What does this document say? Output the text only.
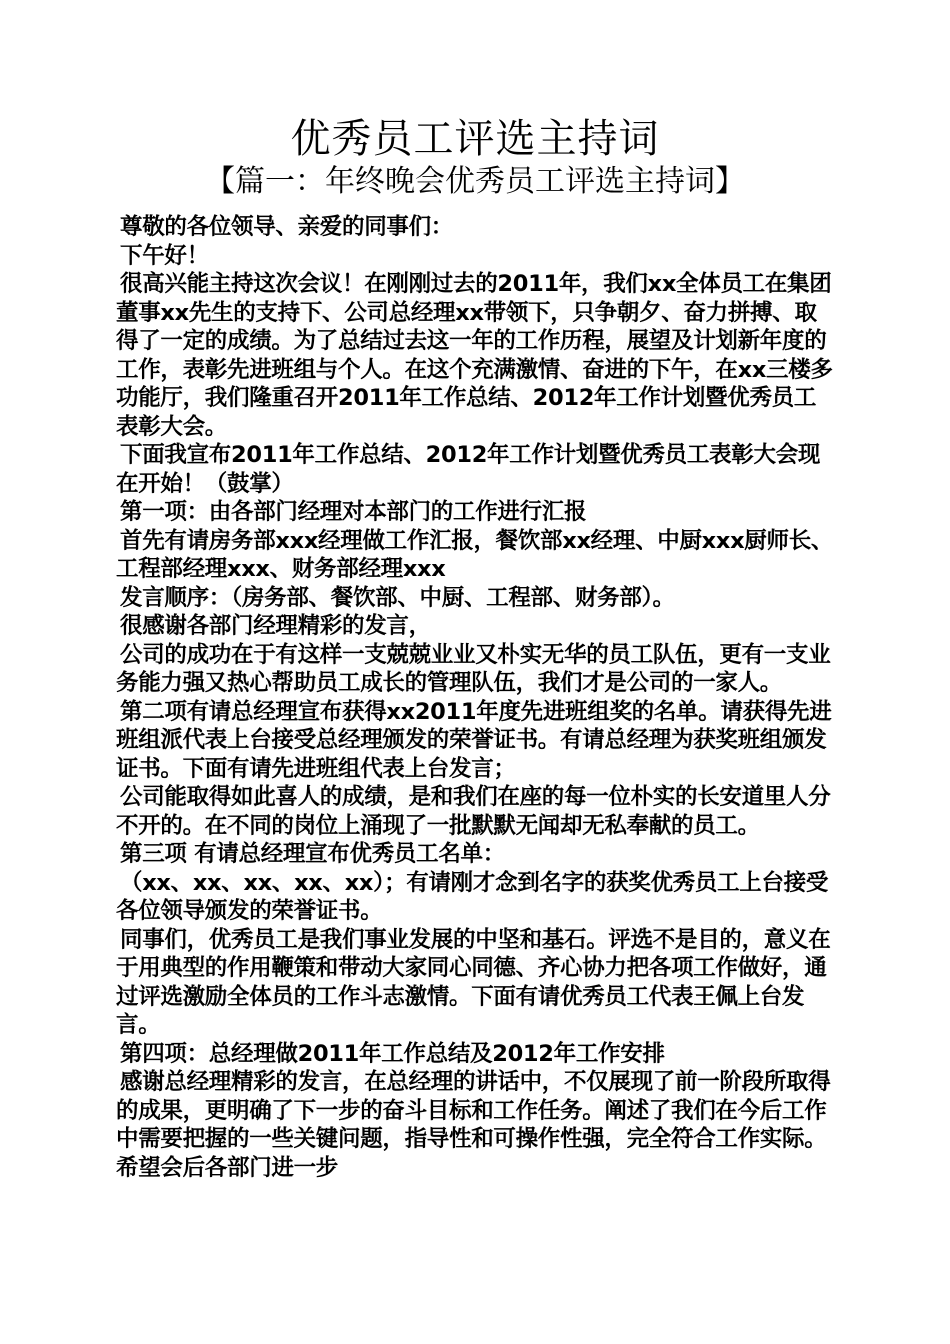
优秀员工评选主持词
【篇一：年终晚会优秀员工评选主持词】

尊敬的各位领导、亲爱的同事们：

下午好！

很高兴能主持这次会议！在刚刚过去的2011年，我们xx全体员工在集团董事xx先生的支持下、公司总经理xx带领下，只争朝夕、奋力拼搏、取得了一定的成绩。为了总结过去这一年的工作历程，展望及计划新年度的工作，表彰先进班组与个人。在这个充满激情、奋进的下午，在xx三楼多功能厅，我们隆重召开2011年工作总结、2012年工作计划暨优秀员工表彰大会。

下面我宣布2011年工作总结、2012年工作计划暨优秀员工表彰大会现在开始！（鼓掌）

第一项：由各部门经理对本部门的工作进行汇报

首先有请房务部xxx经理做工作汇报，餐饮部xx经理、中厨xxx厨师长、工程部经理xxx、财务部经理xxx

发言顺序：（房务部、餐饮部、中厨、工程部、财务部）。

很感谢各部门经理精彩的发言，

公司的成功在于有这样一支兢兢业业又朴实无华的员工队伍，更有一支业务能力强又热心帮助员工成长的管理队伍，我们才是公司的一家人。

第二项有请总经理宣布获得xx2011年度先进班组奖的名单。请获得先进班组派代表上台接受总经理颁发的荣誉证书。有请总经理为获奖班组颁发证书。下面有请先进班组代表上台发言；

公司能取得如此喜人的成绩，是和我们在座的每一位朴实的长安道里人分不开的。在不同的岗位上涌现了一批默默无闻却无私奉献的员工。

第三项 有请总经理宣布优秀员工名单：

（xx、xx、xx、xx、xx）；有请刚才念到名字的获奖优秀员工上台接受各位领导颁发的荣誉证书。

同事们，优秀员工是我们事业发展的中坚和基石。评选不是目的，意义在于用典型的作用鞭策和带动大家同心同德、齐心协力把各项工作做好，通过评选激励全体员的工作斗志激情。下面有请优秀员工代表王佩上台发言。

第四项：总经理做2011年工作总结及2012年工作安排

感谢总经理精彩的发言，在总经理的讲话中，不仅展现了前一阶段所取得的成果，更明确了下一步的奋斗目标和工作任务。阐述了我们在今后工作中需要把握的一些关键问题，指导性和可操作性强，完全符合工作实际。希望会后各部门进一步
